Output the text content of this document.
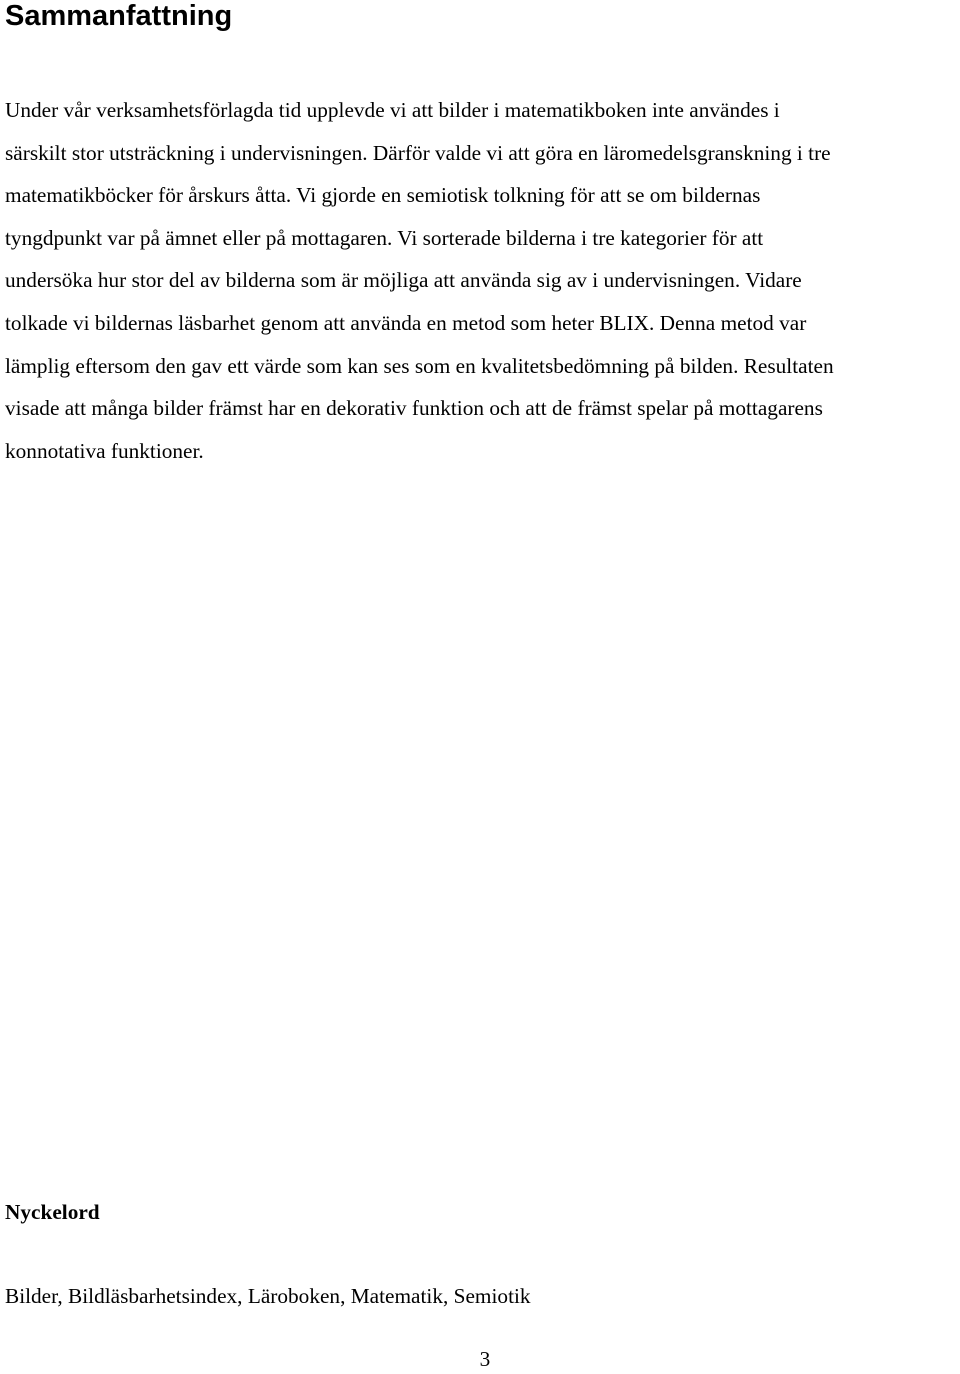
Sammanfattning

Under vår verksamhetsförlagda tid upplevde vi att bilder i matematikboken inte användes i
särskilt stor utsträckning i undervisningen. Därför valde vi att göra en läromedelsgranskning i tre
matematikböcker för årskurs åtta. Vi gjorde en semiotisk tolkning för att se om bildernas
tyngdpunkt var på ämnet eller på mottagaren. Vi sorterade bilderna i tre kategorier för att
undersöka hur stor del av bilderna som är möjliga att använda sig av i undervisningen. Vidare
tolkade vi bildernas läsbarhet genom att använda en metod som heter BLIX. Denna metod var
lämplig eftersom den gav ett värde som kan ses som en kvalitetsbedömning på bilden. Resultaten
visade att många bilder främst har en dekorativ funktion och att de främst spelar på mottagarens
konnotativa funktioner.

Nyckelord

Bilder, Bildläsbarhetsindex, Läroboken, Matematik, Semiotik

3
